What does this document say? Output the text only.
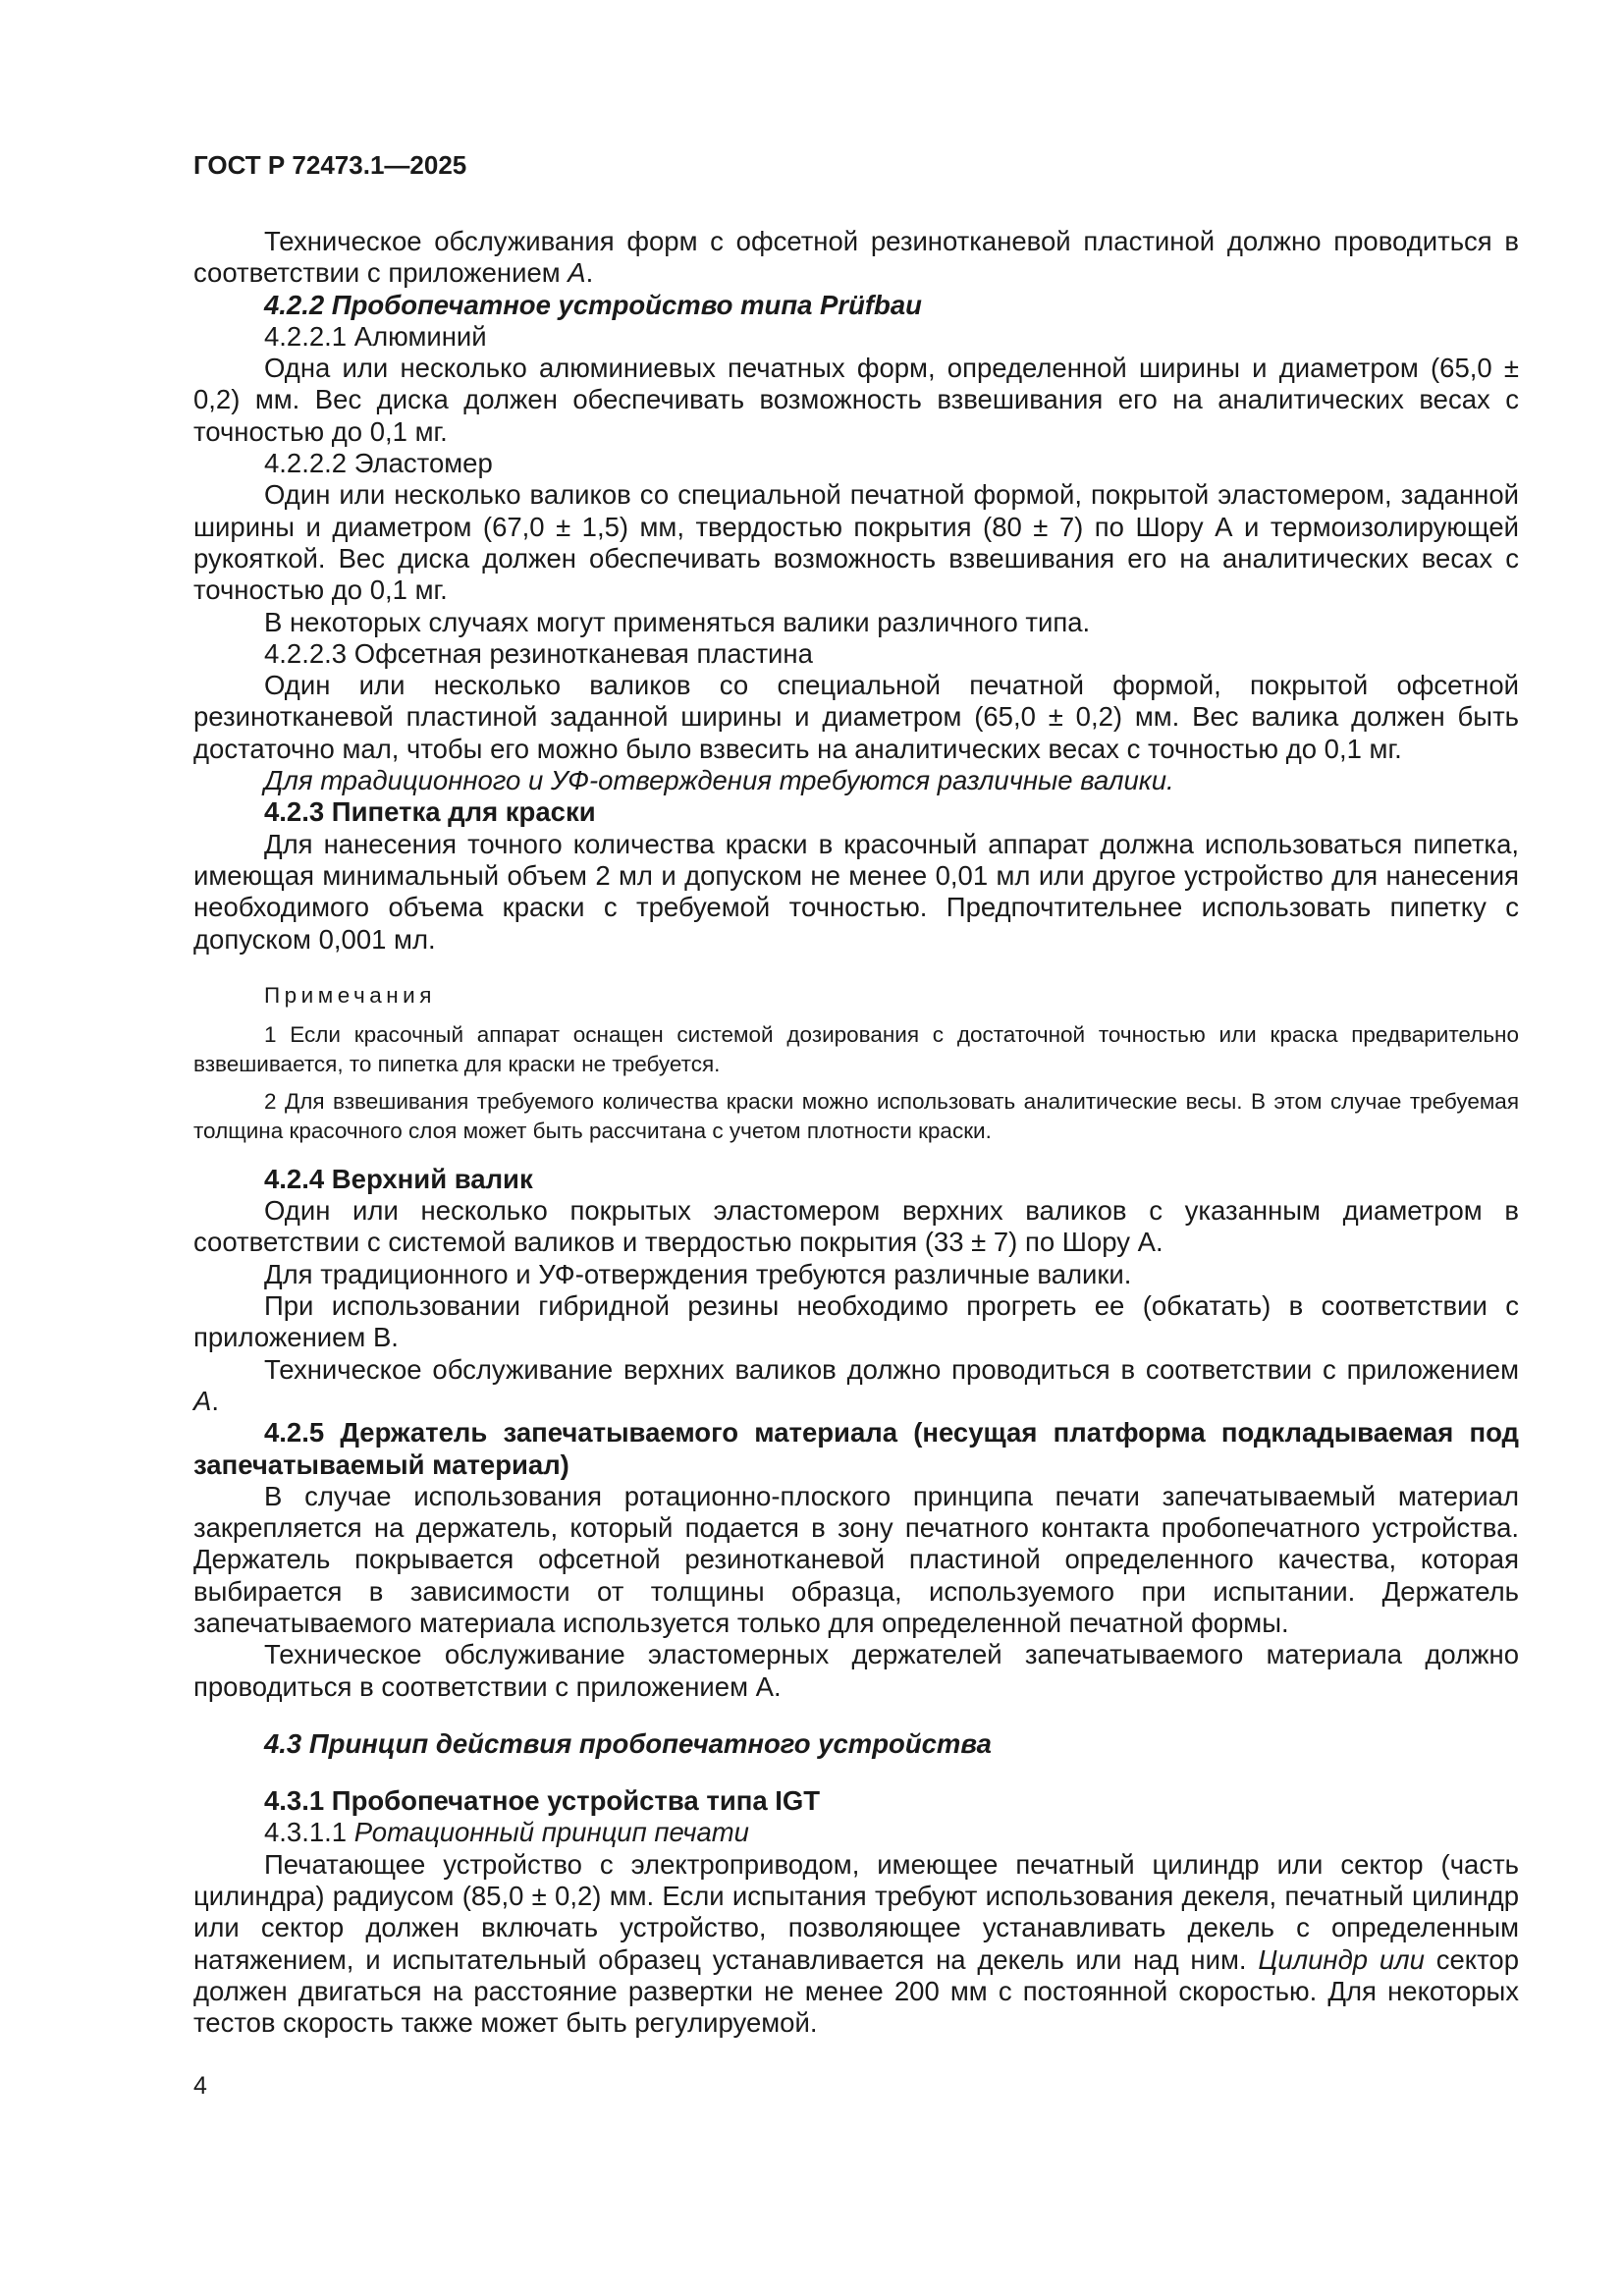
ГОСТ Р 72473.1—2025

Техническое обслуживания форм с офсетной резинотканевой пластиной должно проводиться в соответствии с приложением А.

4.2.2 Пробопечатное устройство типа Prüfbau

4.2.2.1 Алюминий

Одна или несколько алюминиевых печатных форм, определенной ширины и диаметром (65,0 ± 0,2) мм. Вес диска должен обеспечивать возможность взвешивания его на аналитических весах с точностью до 0,1 мг.

4.2.2.2 Эластомер

Один или несколько валиков со специальной печатной формой, покрытой эластомером, заданной ширины и диаметром (67,0 ± 1,5) мм, твердостью покрытия (80 ± 7) по Шору А и термоизолирующей рукояткой. Вес диска должен обеспечивать возможность взвешивания его на аналитических весах с точностью до 0,1 мг.

В некоторых случаях могут применяться валики различного типа.

4.2.2.3 Офсетная резинотканевая пластина

Один или несколько валиков со специальной печатной формой, покрытой офсетной резинотканевой пластиной заданной ширины и диаметром (65,0 ± 0,2) мм. Вес валика должен быть достаточно мал, чтобы его можно было взвесить на аналитических весах с точностью до 0,1 мг.

Для традиционного и УФ-отверждения требуются различные валики.

4.2.3 Пипетка для краски

Для нанесения точного количества краски в красочный аппарат должна использоваться пипетка, имеющая минимальный объем 2 мл и допуском не менее 0,01 мл или другое устройство для нанесения необходимого объема краски с требуемой точностью. Предпочтительнее использовать пипетку с допуском 0,001 мл.

Примечания

1 Если красочный аппарат оснащен системой дозирования с достаточной точностью или краска предварительно взвешивается, то пипетка для краски не требуется.

2 Для взвешивания требуемого количества краски можно использовать аналитические весы. В этом случае требуемая толщина красочного слоя может быть рассчитана с учетом плотности краски.

4.2.4 Верхний валик

Один или несколько покрытых эластомером верхних валиков с указанным диаметром в соответствии с системой валиков и твердостью покрытия (33 ± 7) по Шору А.

Для традиционного и УФ-отверждения требуются различные валики.

При использовании гибридной резины необходимо прогреть ее (обкатать) в соответствии с приложением В.

Техническое обслуживание верхних валиков должно проводиться в соответствии с приложением А.

4.2.5 Держатель запечатываемого материала (несущая платформа подкладываемая под запечатываемый материал)

В случае использования ротационно-плоского принципа печати запечатываемый материал закрепляется на держатель, который подается в зону печатного контакта пробопечатного устройства. Держатель покрывается офсетной резинотканевой пластиной определенного качества, которая выбирается в зависимости от толщины образца, используемого при испытании. Держатель запечатываемого материала используется только для определенной печатной формы.

Техническое обслуживание эластомерных держателей запечатываемого материала должно проводиться в соответствии с приложением А.

4.3 Принцип действия пробопечатного устройства

4.3.1 Пробопечатное устройства типа IGT

4.3.1.1 Ротационный принцип печати

Печатающее устройство с электроприводом, имеющее печатный цилиндр или сектор (часть цилиндра) радиусом (85,0 ± 0,2) мм. Если испытания требуют использования декеля, печатный цилиндр или сектор должен включать устройство, позволяющее устанавливать декель с определенным натяжением, и испытательный образец устанавливается на декель или над ним. Цилиндр или сектор должен двигаться на расстояние развертки не менее 200 мм с постоянной скоростью. Для некоторых тестов скорость также может быть регулируемой.

4
